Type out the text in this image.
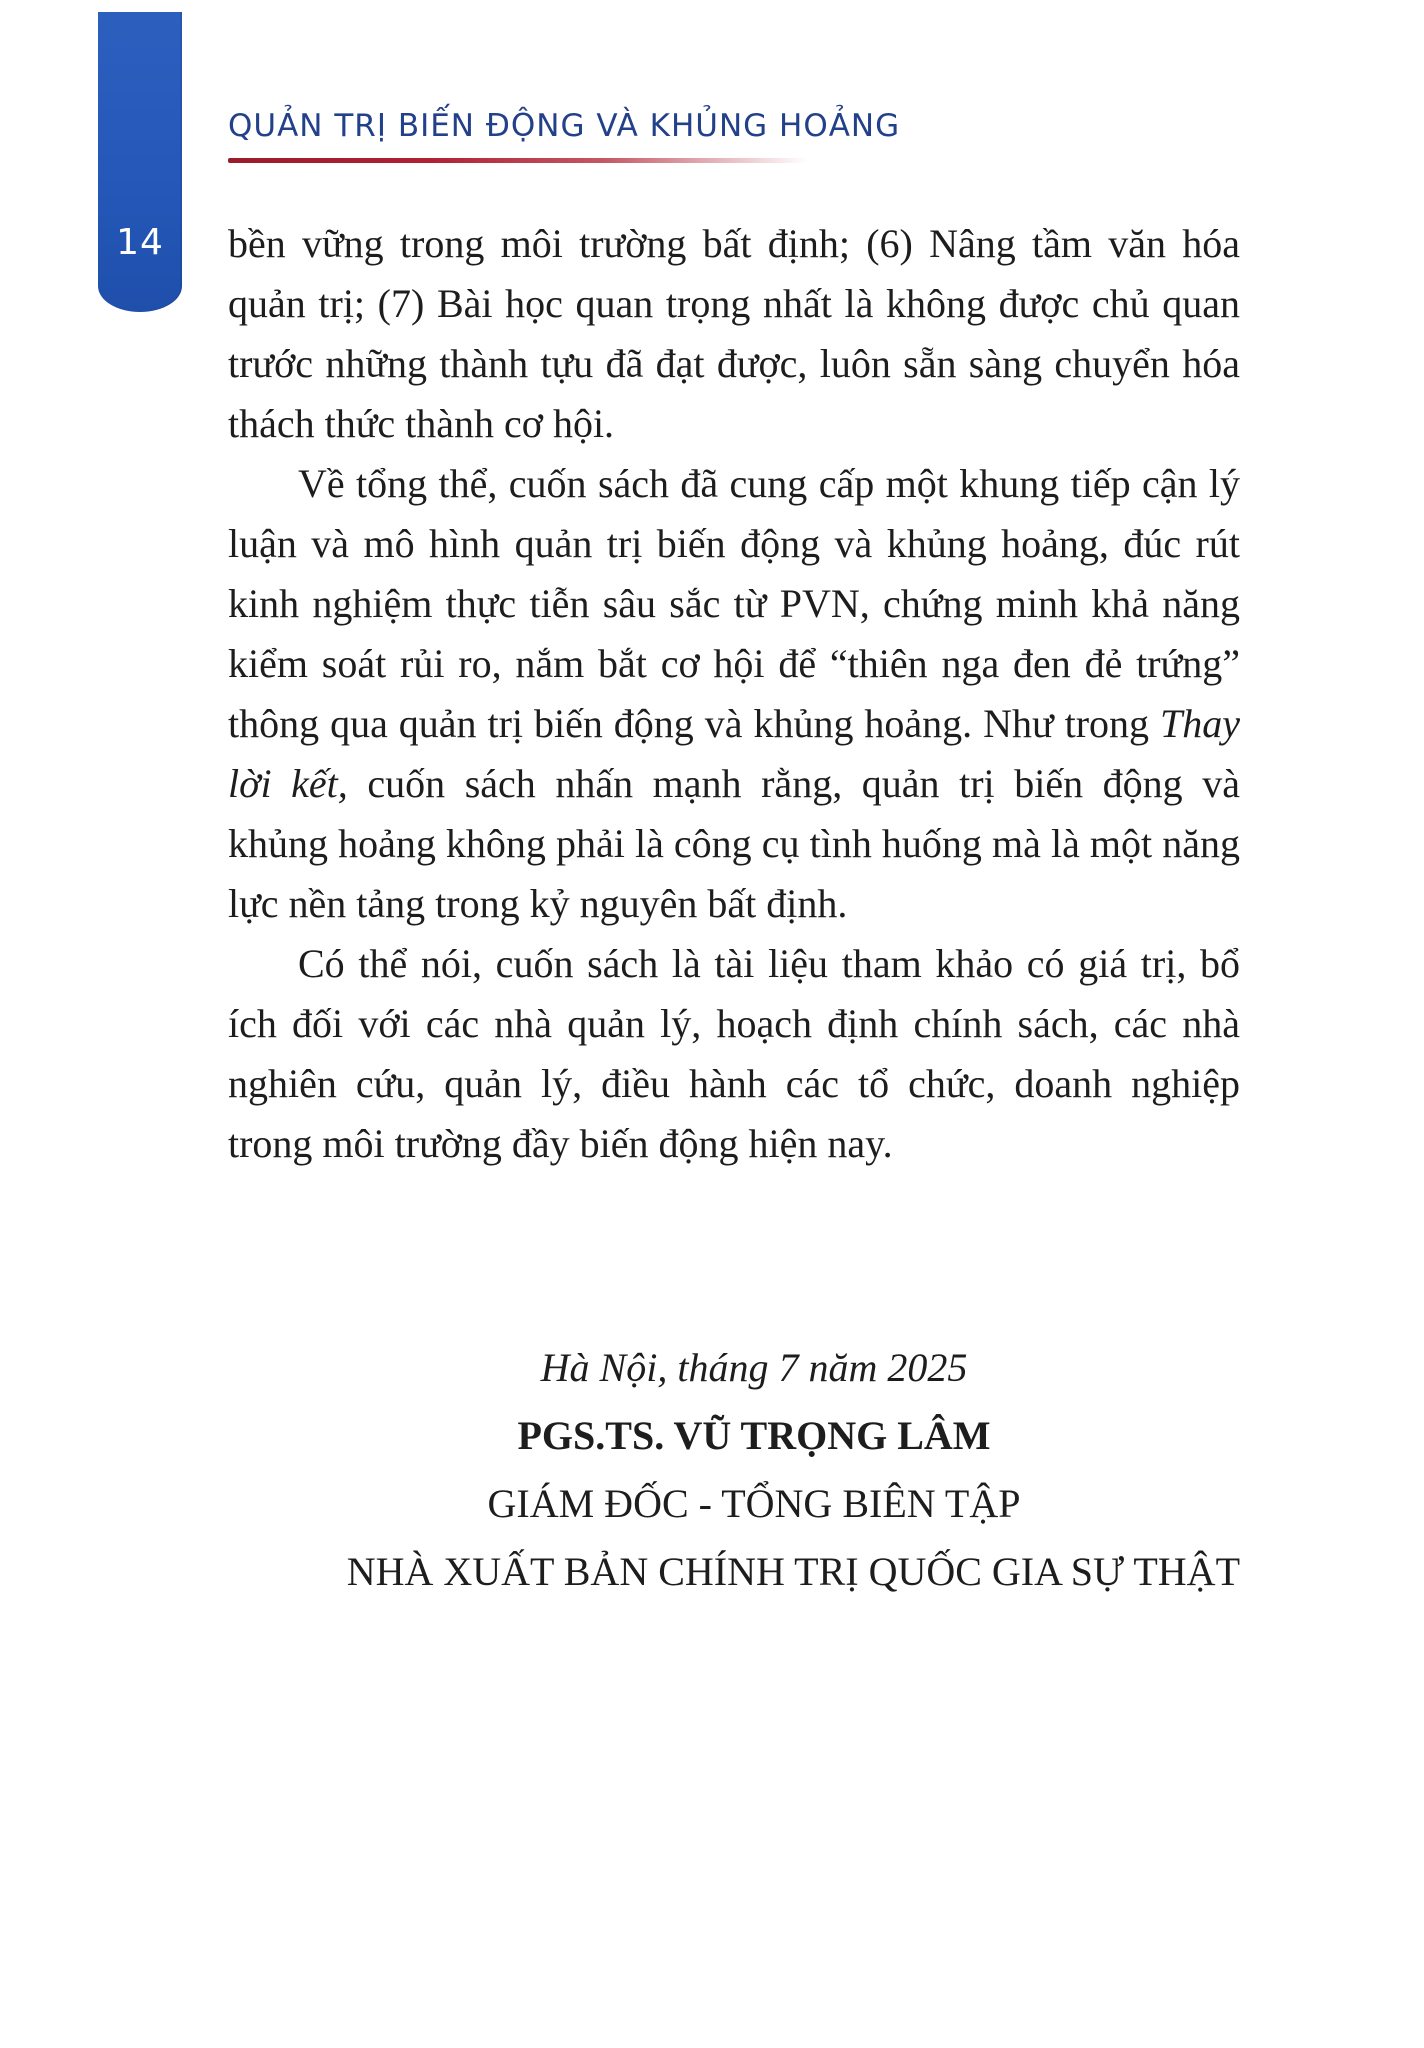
14
QUẢN TRỊ BIẾN ĐỘNG VÀ KHỦNG HOẢNG

bền vững trong môi trường bất định; (6) Nâng tầm văn hóa quản trị; (7) Bài học quan trọng nhất là không được chủ quan trước những thành tựu đã đạt được, luôn sẵn sàng chuyển hóa thách thức thành cơ hội.

Về tổng thể, cuốn sách đã cung cấp một khung tiếp cận lý luận và mô hình quản trị biến động và khủng hoảng, đúc rút kinh nghiệm thực tiễn sâu sắc từ PVN, chứng minh khả năng kiểm soát rủi ro, nắm bắt cơ hội để “thiên nga đen đẻ trứng” thông qua quản trị biến động và khủng hoảng. Như trong Thay lời kết, cuốn sách nhấn mạnh rằng, quản trị biến động và khủng hoảng không phải là công cụ tình huống mà là một năng lực nền tảng trong kỷ nguyên bất định.

Có thể nói, cuốn sách là tài liệu tham khảo có giá trị, bổ ích đối với các nhà quản lý, hoạch định chính sách, các nhà nghiên cứu, quản lý, điều hành các tổ chức, doanh nghiệp trong môi trường đầy biến động hiện nay.

Hà Nội, tháng 7 năm 2025
PGS.TS. VŨ TRỌNG LÂM
GIÁM ĐỐC - TỔNG BIÊN TẬP
NHÀ XUẤT BẢN CHÍNH TRỊ QUỐC GIA SỰ THẬT
